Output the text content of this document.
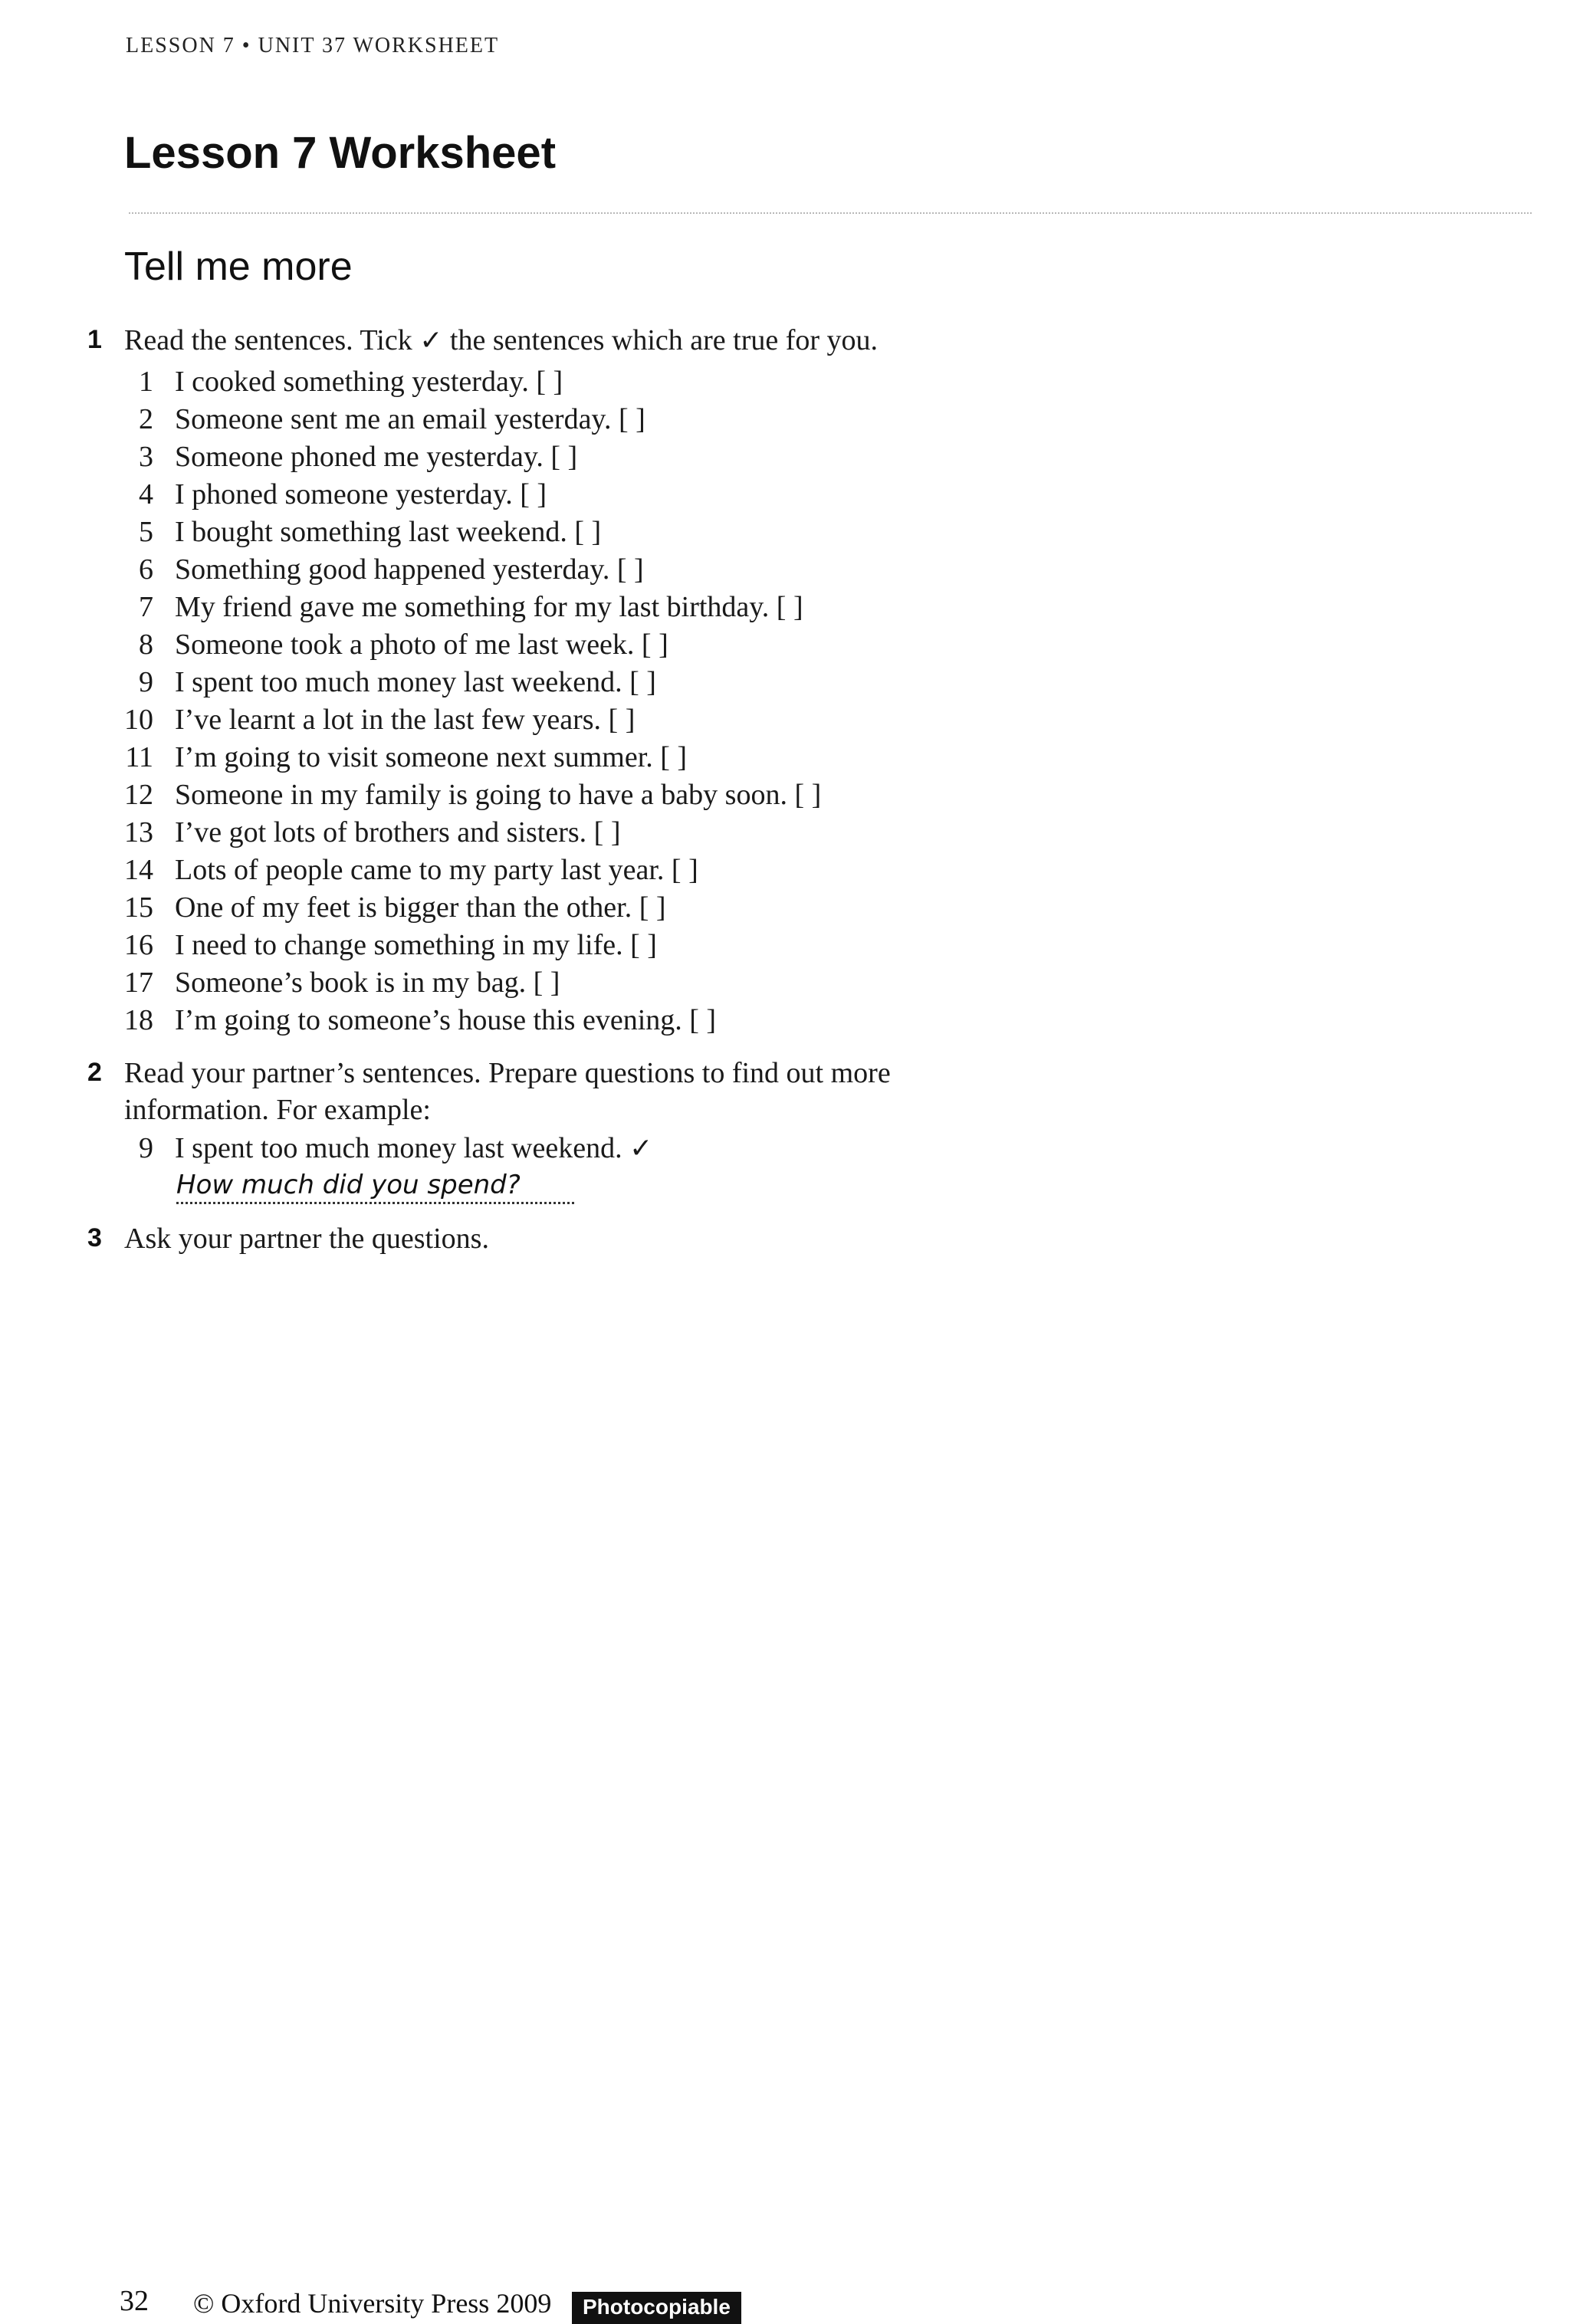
LESSON 7 • UNIT 37 WORKSHEET
Lesson 7 Worksheet
Tell me more
1 Read the sentences. Tick ✓ the sentences which are true for you.
1 I cooked something yesterday. [ ]
2 Someone sent me an email yesterday. [ ]
3 Someone phoned me yesterday. [ ]
4 I phoned someone yesterday. [ ]
5 I bought something last weekend. [ ]
6 Something good happened yesterday. [ ]
7 My friend gave me something for my last birthday. [ ]
8 Someone took a photo of me last week. [ ]
9 I spent too much money last weekend. [ ]
10 I’ve learnt a lot in the last few years. [ ]
11 I’m going to visit someone next summer. [ ]
12 Someone in my family is going to have a baby soon. [ ]
13 I’ve got lots of brothers and sisters. [ ]
14 Lots of people came to my party last year. [ ]
15 One of my feet is bigger than the other. [ ]
16 I need to change something in my life. [ ]
17 Someone’s book is in my bag. [ ]
18 I’m going to someone’s house this evening. [ ]
2 Read your partner’s sentences. Prepare questions to find out more
information. For example:
9 I spent too much money last weekend. ✓
How much did you spend?
3 Ask your partner the questions.
32 © Oxford University Press 2009	Photocopiable
